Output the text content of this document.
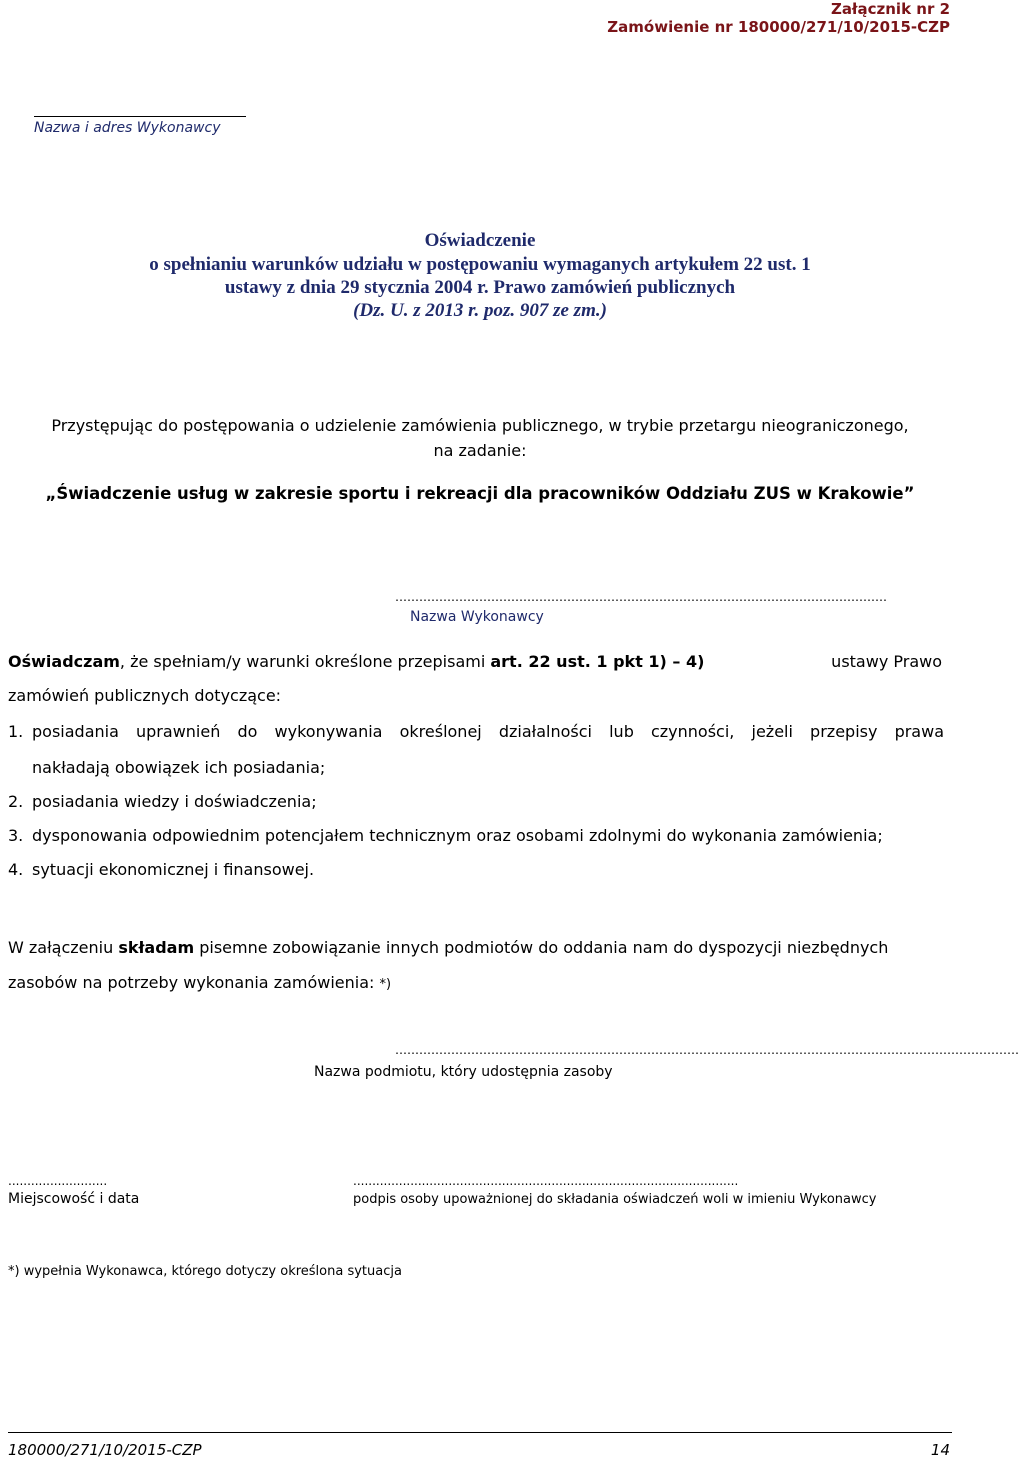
Załącznik nr 2
Zamówienie nr 180000/271/10/2015-CZP
Nazwa i adres Wykonawcy
Oświadczenie
o spełnianiu warunków udziału w postępowaniu wymaganych artykułem 22 ust. 1
ustawy z dnia 29 stycznia 2004 r. Prawo zamówień publicznych
(Dz. U. z 2013 r. poz. 907 ze zm.)
Przystępując do postępowania o udzielenie zamówienia publicznego, w trybie przetargu nieograniczonego,
na zadanie:
„Świadczenie usług w zakresie sportu i rekreacji dla pracowników Oddziału ZUS w Krakowie”
……………………………………………………………………………………………………………
Nazwa Wykonawcy
Oświadczam, że spełniam/y warunki określone przepisami art. 22 ust. 1 pkt 1) – 4)	ustawy Prawo
zamówień publicznych dotyczące:
1. posiadania uprawnień do wykonywania określonej działalności lub czynności, jeżeli przepisy prawa
nakładają obowiązek ich posiadania;
2. posiadania wiedzy i doświadczenia;
3. dysponowania odpowiednim potencjałem technicznym oraz osobami zdolnymi do wykonania zamówienia;
4. sytuacji ekonomicznej i finansowej.
W załączeniu składam pisemne zobowiązanie innych podmiotów do oddania nam do dyspozycji niezbędnych
zasobów na potrzeby wykonania zamówienia: *)
…………………………………………………………………………………………………………………………………………
Nazwa podmiotu, który udostępnia zasoby
..........................
Miejscowość i data
.....................................................................................................
podpis osoby upoważnionej do składania oświadczeń woli w imieniu Wykonawcy
*) wypełnia Wykonawca, którego dotyczy określona sytuacja
180000/271/10/2015-CZP	14
